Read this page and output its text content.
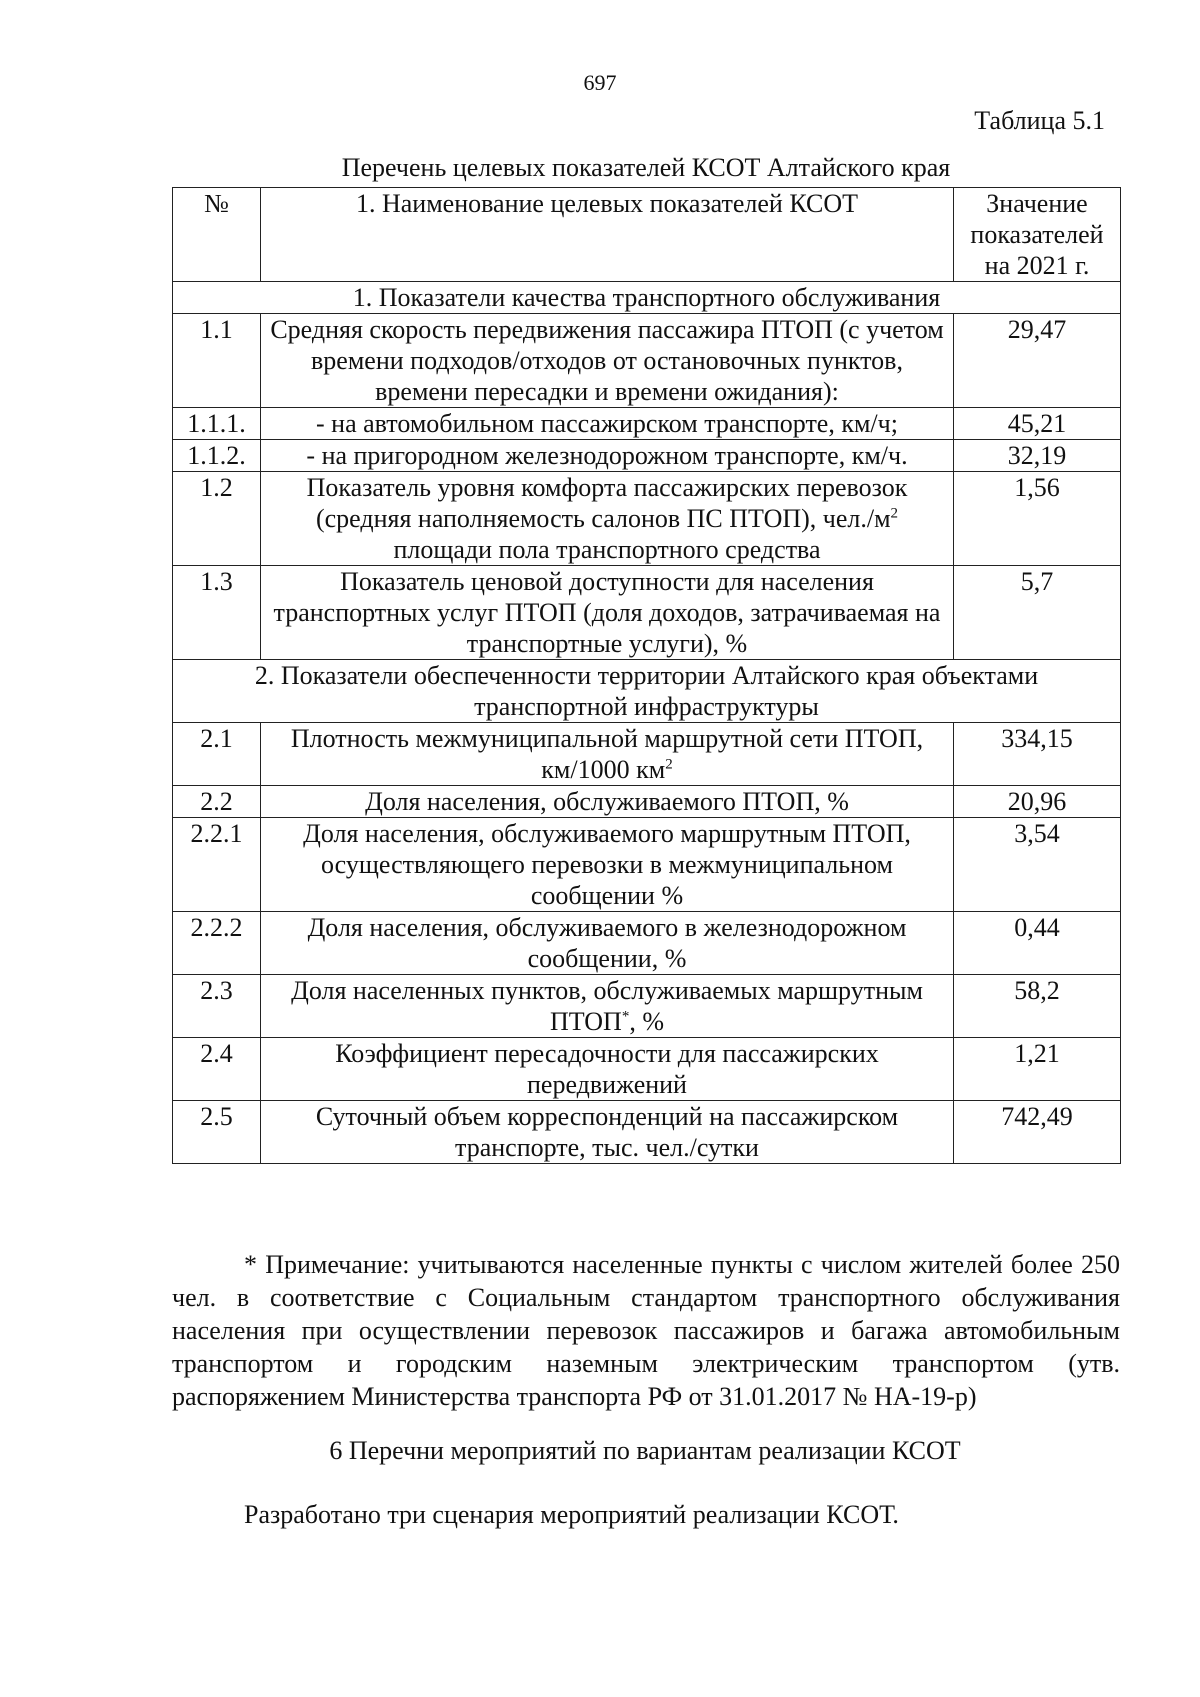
697
Таблица 5.1
Перечень целевых показателей КСОТ Алтайского края
№	1. Наименование целевых показателей КСОТ	Значение показателей на 2021 г.
1. Показатели качества транспортного обслуживания		
1.1	Средняя скорость передвижения пассажира ПТОП (с учетом времени подходов/отходов от остановочных пунктов, времени пересадки и времени ожидания):	29,47
1.1.1.	- на автомобильном пассажирском транспорте, км/ч;	45,21
1.1.2.	- на пригородном железнодорожном транспорте, км/ч.	32,19
1.2	Показатель уровня комфорта пассажирских перевозок (средняя наполняемость салонов ПС ПТОП), $чел./м^2$ площади пола транспортного средства	1,56
1.3	Показатель ценовой доступности для населения транспортных услуг ПТОП (доля доходов, затрачиваемая на транспортные услуги), %	5,7
2. Показатели обеспеченности территории Алтайского края объектами транспортной инфраструктуры		
2.1	Плотность межмуниципальной маршрутной сети ПТОП, км/1000 $км^2$	334,15
2.2	Доля населения, обслуживаемого ПТОП, %	20,96
2.2.1	Доля населения, обслуживаемого маршрутным ПТОП, осуществляющего перевозки в межмуниципальном сообщении %	3,54
2.2.2	Доля населения, обслуживаемого в железнодорожном сообщении, %	0,44
2.3	Доля населенных пунктов, обслуживаемых маршрутным ПТОП*, %	58,2
2.4	Коэффициент пересадочности для пассажирских передвижений	1,21
2.5	Суточный объем корреспонденций на пассажирском транспорте, тыс. чел./сутки	742,49
* Примечание: учитываются населенные пункты с числом жителей более 250 чел. в соответствие с Социальным стандартом транспортного обслуживания населения при осуществлении перевозок пассажиров и багажа автомобильным транспортом и городским наземным электрическим транспортом (утв. распоряжением Министерства транспорта РФ от 31.01.2017 № НА-19-р)
6 Перечни мероприятий по вариантам реализации КСОТ
Разработано три сценария мероприятий реализации КСОТ.
